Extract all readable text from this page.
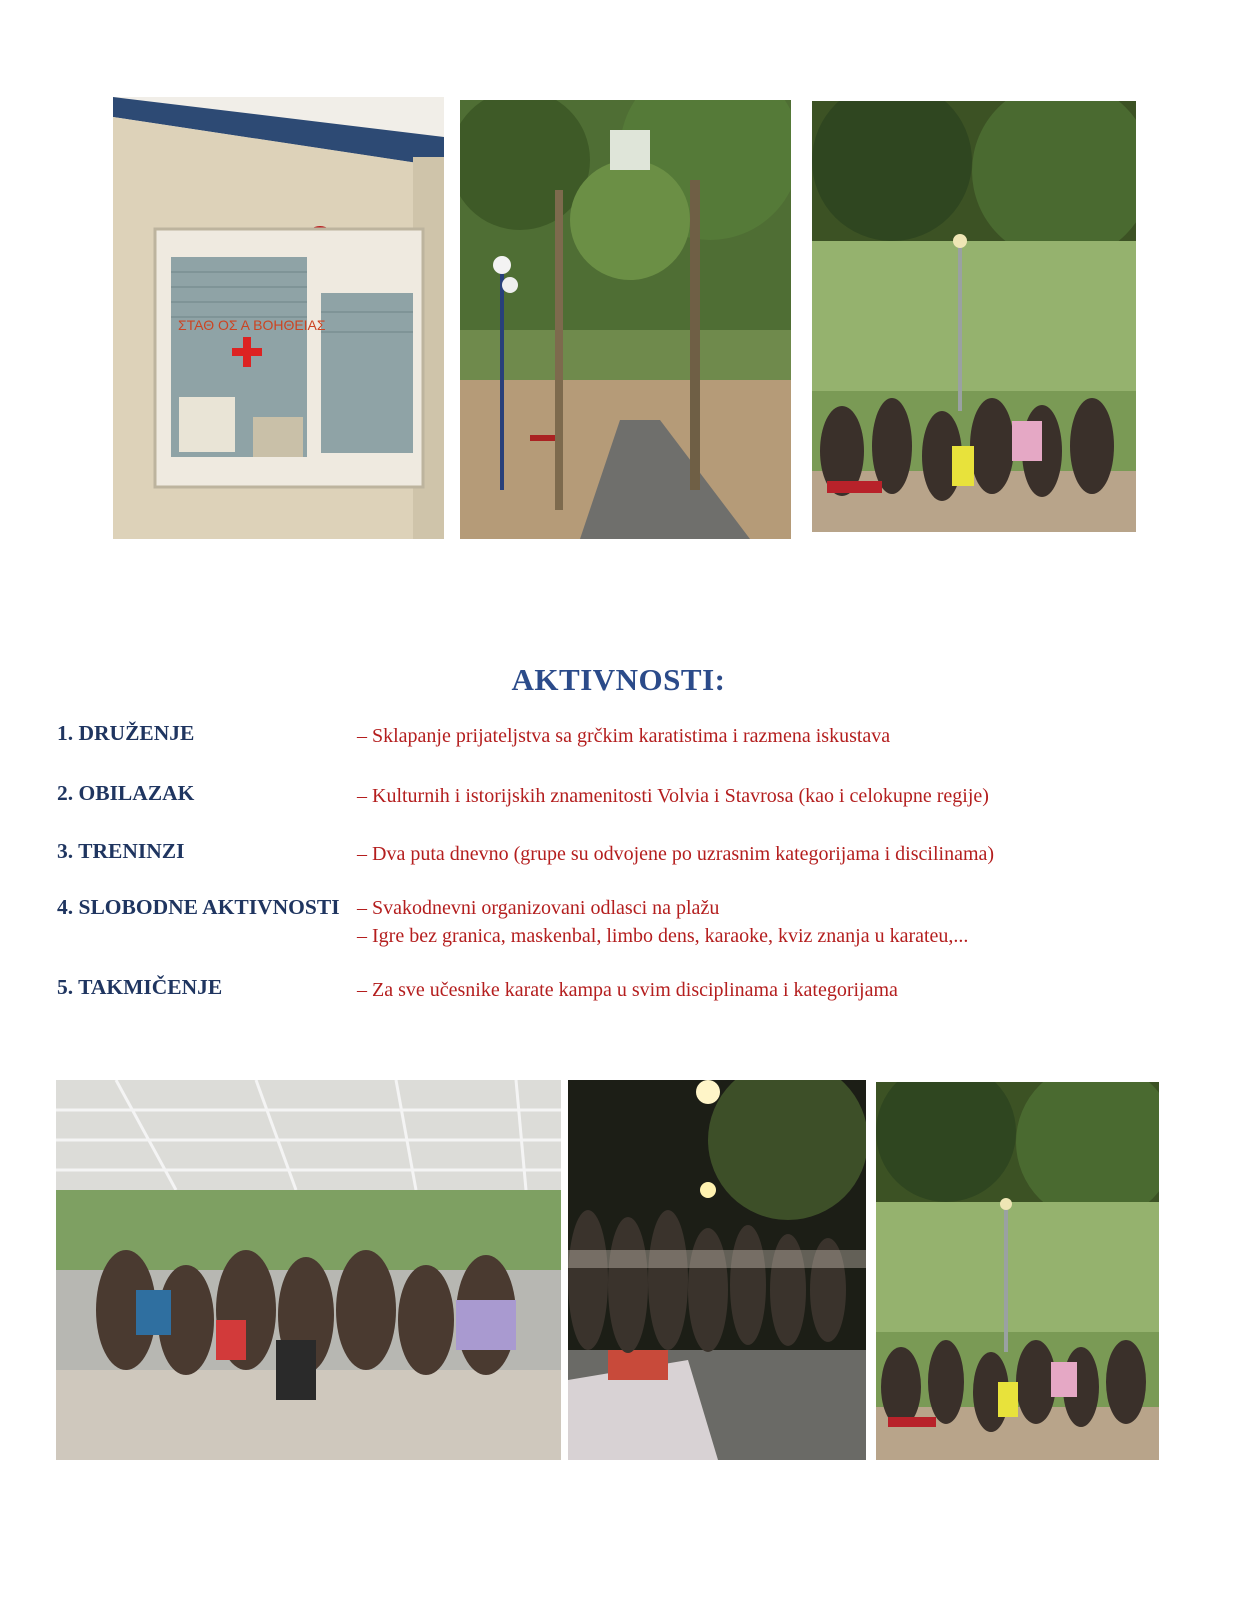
ΣΤΑΘ ΟΣ Α ΒΟΗΘΕΙΑΣ
AKTIVNOSTI:
1. DRUŽENJE	– Sklapanje prijateljstva sa grčkim karatistima i razmena iskustava
2. OBILAZAK	– Kulturnih i istorijskih znamenitosti Volvia i Stavrosa (kao i celokupne regije)
3. TRENINZI	– Dva puta dnevno (grupe su odvojene po uzrasnim kategorijama i discilinama)
4. SLOBODNE AKTIVNOSTI – Svakodnevni organizovani odlasci na plažu
– Igre bez granica, maskenbal, limbo dens, karaoke, kviz znanja u karateu,...
5. TAKMIČENJE	– Za sve učesnike karate kampa u svim disciplinama i kategorijama
